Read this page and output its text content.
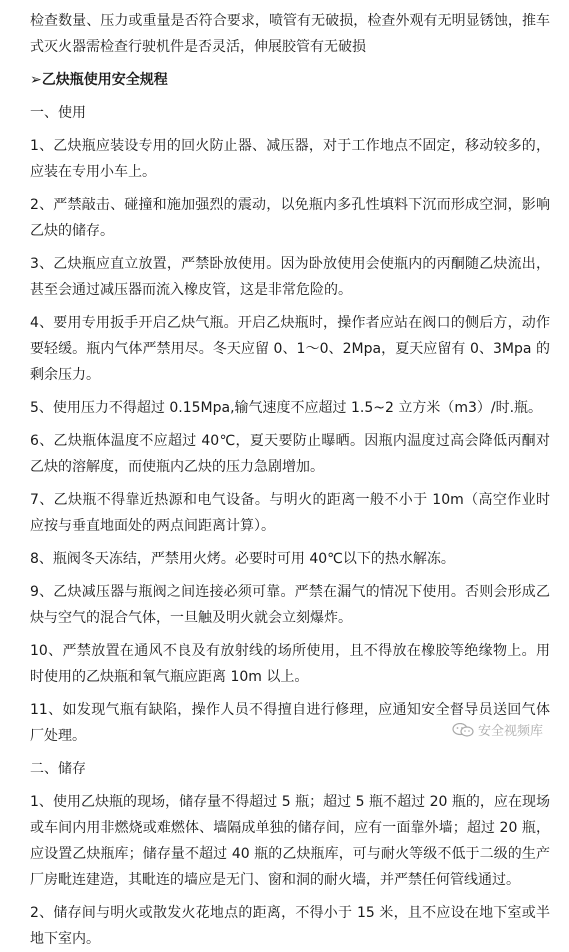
检查数量、压力或重量是否符合要求，喷管有无破损，检查外观有无明显锈蚀，推车式灭火器需检查行驶机件是否灵活，伸展胶管有无破损

➢乙炔瓶使用安全规程

一、使用

1、乙炔瓶应装设专用的回火防止器、减压器，对于工作地点不固定，移动较多的，应装在专用小车上。

2、严禁敲击、碰撞和施加强烈的震动，以免瓶内多孔性填料下沉而形成空洞，影响乙炔的储存。

3、乙炔瓶应直立放置，严禁卧放使用。因为卧放使用会使瓶内的丙酮随乙炔流出，甚至会通过减压器而流入橡皮管，这是非常危险的。

4、要用专用扳手开启乙炔气瓶。开启乙炔瓶时，操作者应站在阀口的侧后方，动作要轻缓。瓶内气体严禁用尽。冬天应留 0、1～0、2Mpa，夏天应留有 0、3Mpa 的剩余压力。

5、使用压力不得超过 0.15Mpa,输气速度不应超过 1.5~2 立方米（m3）/时.瓶。

6、乙炔瓶体温度不应超过 40℃，夏天要防止曝晒。因瓶内温度过高会降低丙酮对乙炔的溶解度，而使瓶内乙炔的压力急剧增加。

7、乙炔瓶不得靠近热源和电气设备。与明火的距离一般不小于 10m（高空作业时应按与垂直地面处的两点间距离计算）。

8、瓶阀冬天冻结，严禁用火烤。必要时可用 40℃以下的热水解冻。

9、乙炔减压器与瓶阀之间连接必须可靠。严禁在漏气的情况下使用。否则会形成乙炔与空气的混合气体，一旦触及明火就会立刻爆炸。

10、严禁放置在通风不良及有放射线的场所使用，且不得放在橡胶等绝缘物上。用时使用的乙炔瓶和氧气瓶应距离 10m 以上。

11、如发现气瓶有缺陷，操作人员不得擅自进行修理，应通知安全督导员送回气体厂处理。

二、储存

1、使用乙炔瓶的现场，储存量不得超过 5 瓶；超过 5 瓶不超过 20 瓶的，应在现场或车间内用非燃烧或难燃体、墙隔成单独的储存间，应有一面靠外墙；超过 20 瓶，应设置乙炔瓶库；储存量不超过 40 瓶的乙炔瓶库，可与耐火等级不低于二级的生产厂房毗连建造，其毗连的墙应是无门、窗和洞的耐火墙，并严禁任何管线通过。

2、储存间与明火或散发火花地点的距离，不得小于 15 米，且不应设在地下室或半地下室内。

安全视频库
